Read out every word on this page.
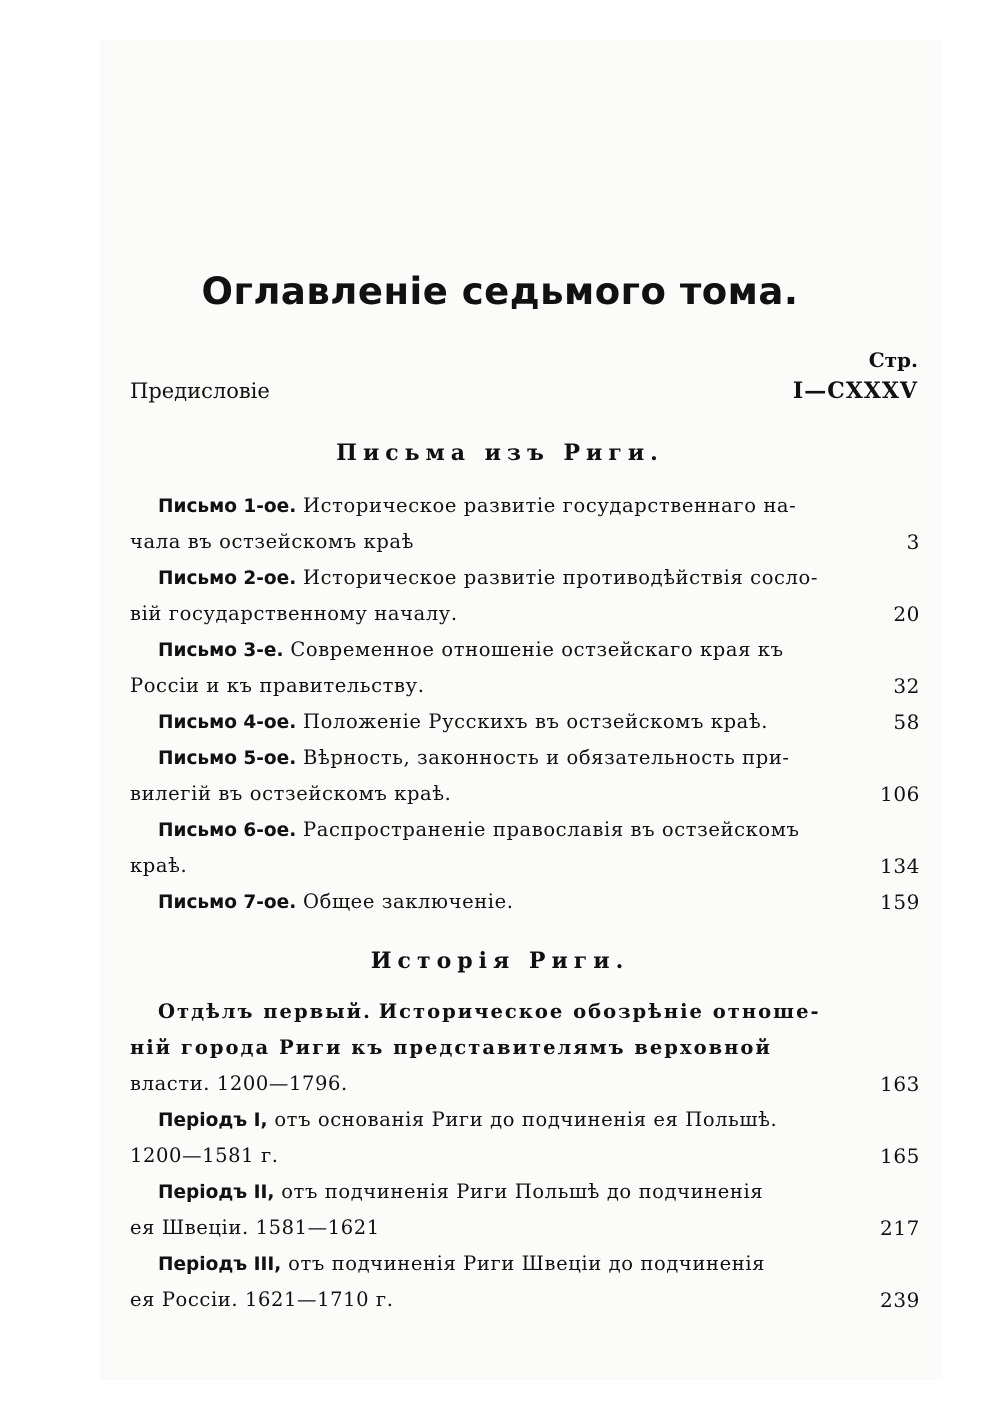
Оглавленіе седьмого тома.
Стр.
Предисловіе	I—CXXXV
Письма изъ Риги.
Письмо 1-ое. Историческое развитіе государственнаго на-
чала въ остзейскомъ краѣ	3
Письмо 2-ое. Историческое развитіе противодѣйствія сосло-
вій государственному началу.	20
Письмо 3-е. Современное отношеніе остзейскаго края къ
Россіи и къ правительству.	32
Письмо 4-ое. Положеніе Русскихъ въ остзейскомъ краѣ.	58
Письмо 5-ое. Вѣрность, законность и обязательность при-
вилегій въ остзейскомъ краѣ.	106
Письмо 6-ое. Распространеніе православія въ остзейскомъ
краѣ.	134
Письмо 7-ое. Общее заключеніе.	159
Исторія Риги.
Отдѣлъ первый. Историческое обозрѣніе отноше-
ній города Риги къ представителямъ верховной
власти. 1200—1796.	163
Періодъ I, отъ основанія Риги до подчиненія ея Польшѣ.
1200—1581 г.	165
Періодъ II, отъ подчиненія Риги Польшѣ до подчиненія
ея Швеціи. 1581—1621	217
Періодъ III, отъ подчиненія Риги Швеціи до подчиненія
ея Россіи. 1621—1710 г.	239
